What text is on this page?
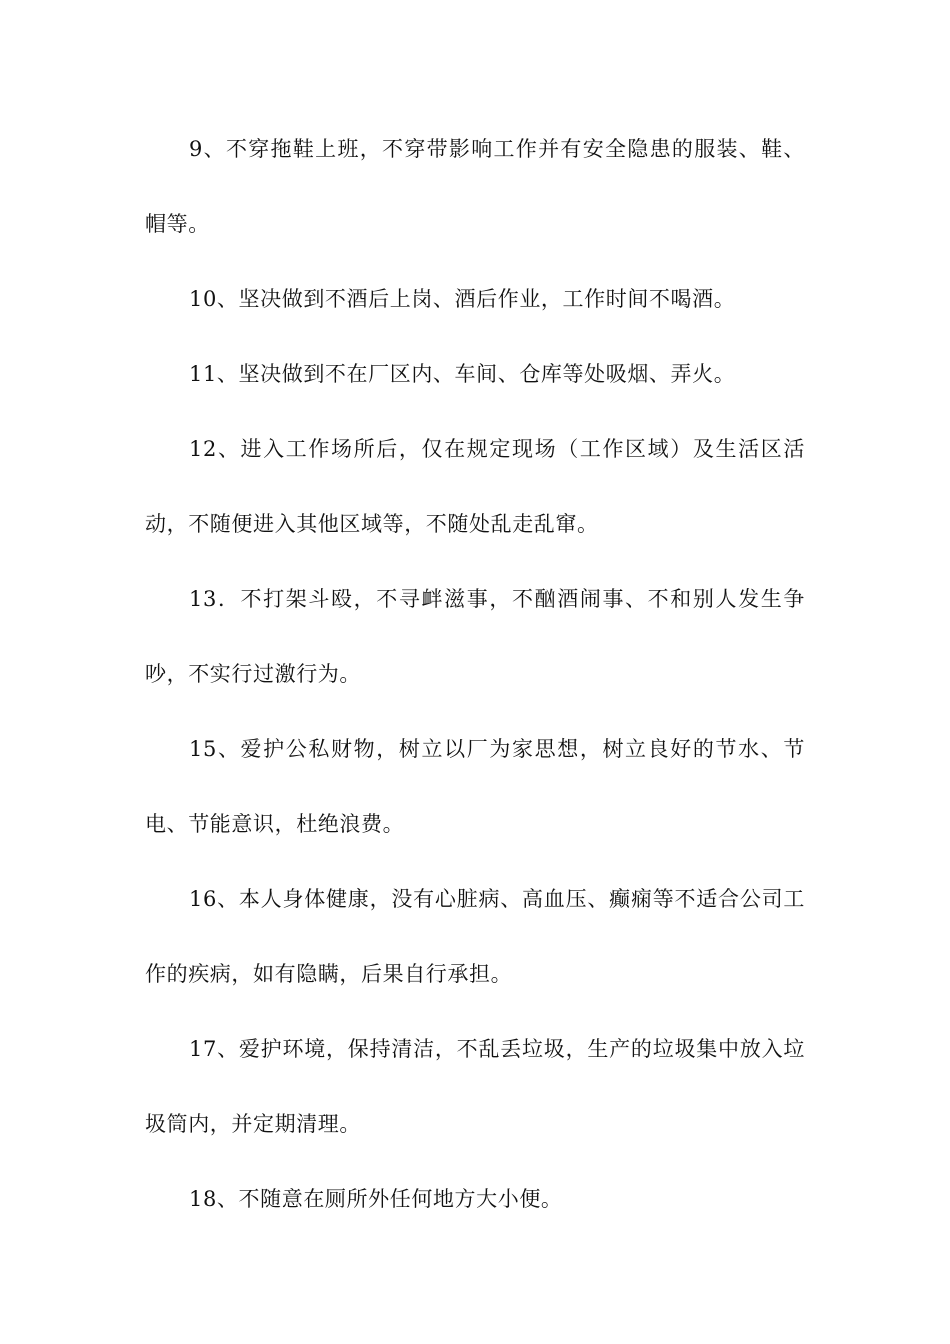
9、不穿拖鞋上班，不穿带影响工作并有安全隐患的服装、鞋、帽等。

10、坚决做到不酒后上岗、酒后作业，工作时间不喝酒。

11、坚决做到不在厂区内、车间、仓库等处吸烟、弄火。

12、进入工作场所后，仅在规定现场（工作区域）及生活区活动，不随便进入其他区域等，不随处乱走乱窜。

13．不打架斗殴，不寻衅滋事，不酗酒闹事、不和别人发生争吵，不实行过激行为。

15、爱护公私财物，树立以厂为家思想，树立良好的节水、节电、节能意识，杜绝浪费。

16、本人身体健康，没有心脏病、高血压、癫痫等不适合公司工作的疾病，如有隐瞒，后果自行承担。

17、爱护环境，保持清洁，不乱丢垃圾，生产的垃圾集中放入垃圾筒内，并定期清理。

18、不随意在厕所外任何地方大小便。
